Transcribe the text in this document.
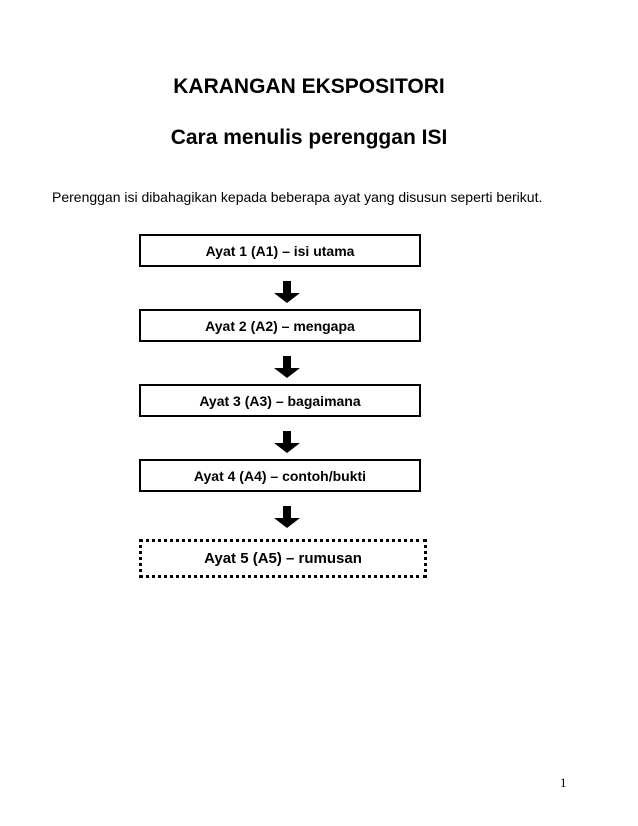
KARANGAN EKSPOSITORI
Cara menulis perenggan ISI

Perenggan isi dibahagikan kepada beberapa ayat yang disusun seperti berikut.

Ayat 1 (A1) – isi utama
Ayat 2 (A2) – mengapa
Ayat 3 (A3) – bagaimana
Ayat 4 (A4) – contoh/bukti
Ayat 5 (A5) – rumusan
1
